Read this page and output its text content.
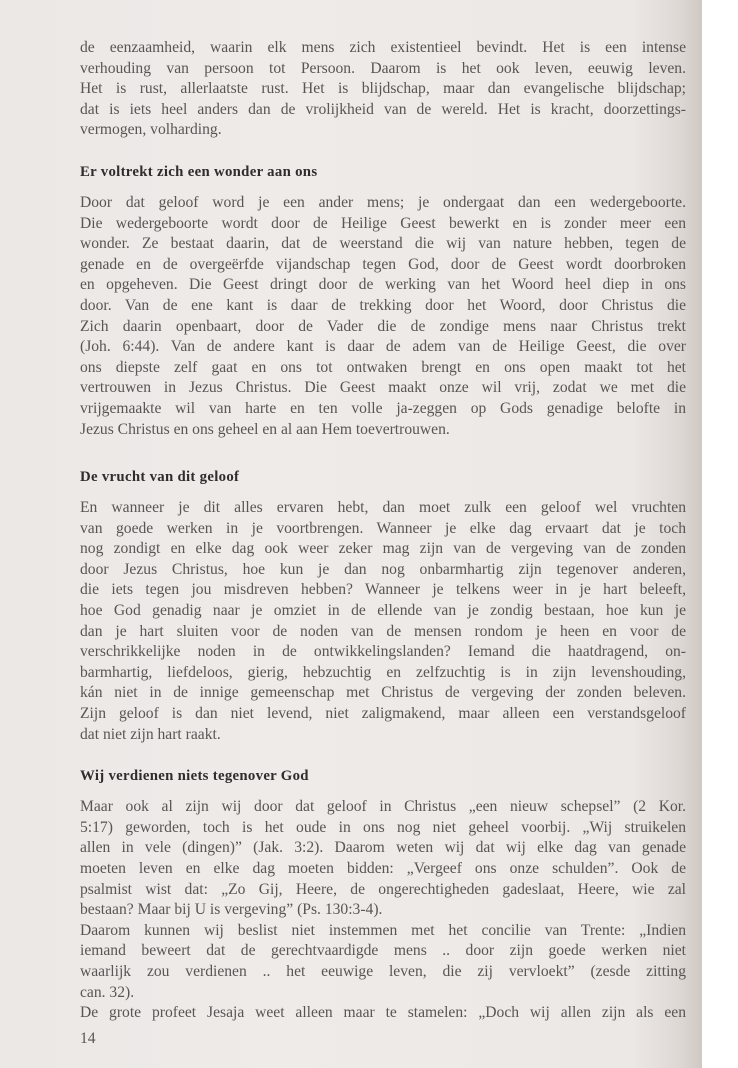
de eenzaamheid, waarin elk mens zich existentieel bevindt. Het is een intense
verhouding van persoon tot Persoon. Daarom is het ook leven, eeuwig leven.
Het is rust, allerlaatste rust. Het is blijdschap, maar dan evangelische blijdschap;
dat is iets heel anders dan de vrolijkheid van de wereld. Het is kracht, doorzettings-
vermogen, volharding.
Er voltrekt zich een wonder aan ons
Door dat geloof word je een ander mens; je ondergaat dan een wedergeboorte.
Die wedergeboorte wordt door de Heilige Geest bewerkt en is zonder meer een
wonder. Ze bestaat daarin, dat de weerstand die wij van nature hebben, tegen de
genade en de overgeërfde vijandschap tegen God, door de Geest wordt doorbroken
en opgeheven. Die Geest dringt door de werking van het Woord heel diep in ons
door. Van de ene kant is daar de trekking door het Woord, door Christus die
Zich daarin openbaart, door de Vader die de zondige mens naar Christus trekt
(Joh. 6:44). Van de andere kant is daar de adem van de Heilige Geest, die over
ons diepste zelf gaat en ons tot ontwaken brengt en ons open maakt tot het
vertrouwen in Jezus Christus. Die Geest maakt onze wil vrij, zodat we met die
vrijgemaakte wil van harte en ten volle ja-zeggen op Gods genadige belofte in
Jezus Christus en ons geheel en al aan Hem toevertrouwen.
De vrucht van dit geloof
En wanneer je dit alles ervaren hebt, dan moet zulk een geloof wel vruchten
van goede werken in je voortbrengen. Wanneer je elke dag ervaart dat je toch
nog zondigt en elke dag ook weer zeker mag zijn van de vergeving van de zonden
door Jezus Christus, hoe kun je dan nog onbarmhartig zijn tegenover anderen,
die iets tegen jou misdreven hebben? Wanneer je telkens weer in je hart beleeft,
hoe God genadig naar je omziet in de ellende van je zondig bestaan, hoe kun je
dan je hart sluiten voor de noden van de mensen rondom je heen en voor de
verschrikkelijke noden in de ontwikkelingslanden? Iemand die haatdragend, on-
barmhartig, liefdeloos, gierig, hebzuchtig en zelfzuchtig is in zijn levenshouding,
kán niet in de innige gemeenschap met Christus de vergeving der zonden beleven.
Zijn geloof is dan niet levend, niet zaligmakend, maar alleen een verstandsgeloof
dat niet zijn hart raakt.
Wij verdienen niets tegenover God
Maar ook al zijn wij door dat geloof in Christus „een nieuw schepsel” (2 Kor.
5:17) geworden, toch is het oude in ons nog niet geheel voorbij. „Wij struikelen
allen in vele (dingen)” (Jak. 3:2). Daarom weten wij dat wij elke dag van genade
moeten leven en elke dag moeten bidden: „Vergeef ons onze schulden”. Ook de
psalmist wist dat: „Zo Gij, Heere, de ongerechtigheden gadeslaat, Heere, wie zal
bestaan? Maar bij U is vergeving” (Ps. 130:3-4).
Daarom kunnen wij beslist niet instemmen met het concilie van Trente: „Indien
iemand beweert dat de gerechtvaardigde mens .. door zijn goede werken niet
waarlijk zou verdienen .. het eeuwige leven, die zij vervloekt” (zesde zitting
can. 32).
De grote profeet Jesaja weet alleen maar te stamelen: „Doch wij allen zijn als een
14
